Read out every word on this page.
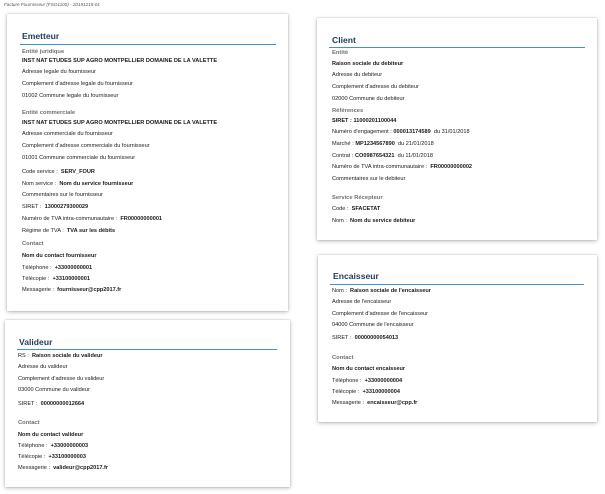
Facture Fournisseur (FSO1100) - 20191218-01
Emetteur
Entité juridique
INST NAT ETUDES SUP AGRO MONTPELLIER DOMAINE DE LA VALETTE
Adresse legale du fournisseur
Complement d'adresse legale du fournisseur
01002 Commune legale du fournisseur
Entité commerciale
INST NAT ETUDES SUP AGRO MONTPELLIER DOMAINE DE LA VALETTE
Adresse commerciale du fournisseur
Complement d'adresse commerciale du fournisseur
01001 Commune commerciale du fournisseur
Code service : SERV_FOUR
Nom service : Nom du service fournisseur
Commentaires sur le fournisseur
SIRET : 13000279300029
Numéro de TVA intra-communautaire : FR00000000001
Régime de TVA : TVA sur les débits
Contact
Nom du contact fournisseur
Téléphone : +33000000001
Télécopie : +33100000001
Messagerie : fournisseur@cpp2017.fr
Client
Entité
Raison sociale du debiteur
Adresse du debiteur
Complement d'adresse du debiteur
02000 Commune du debiteur
Références
SIRET : 11000201100044
Numéro d'engagement : 000013174589 du 31/01/2018
Marché : MP1234567890 du 21/01/2018
Contrat : CO0987654321 du 11/01/2018
Numéro de TVA intra-communautaire : FR00000000002
Commentaires sur le debiteur
Service Récepteur
Code : SFACETAT
Nom : Nom du service debiteur
Valideur
RS : Raison sociale du valideur
Adresse du valideur
Complement d'adresse du valideur
03000 Commune du valideur
SIRET : 00000000012664
Contact
Nom du contact valideur
Téléphone : +33000000003
Télécopie : +33100000003
Messagerie : valideur@cpp2017.fr
Encaisseur
Nom : Raison sociale de l'encaisseur
Adresse de l'encaisseur
Complement d'adresse de l'encaisseur
04000 Commune de l'encaisseur
SIRET : 00000000054013
Contact
Nom du contact encaisseur
Téléphone : +33000000004
Télécopie : +33100000004
Messagerie : encaisseur@cpp.fr
